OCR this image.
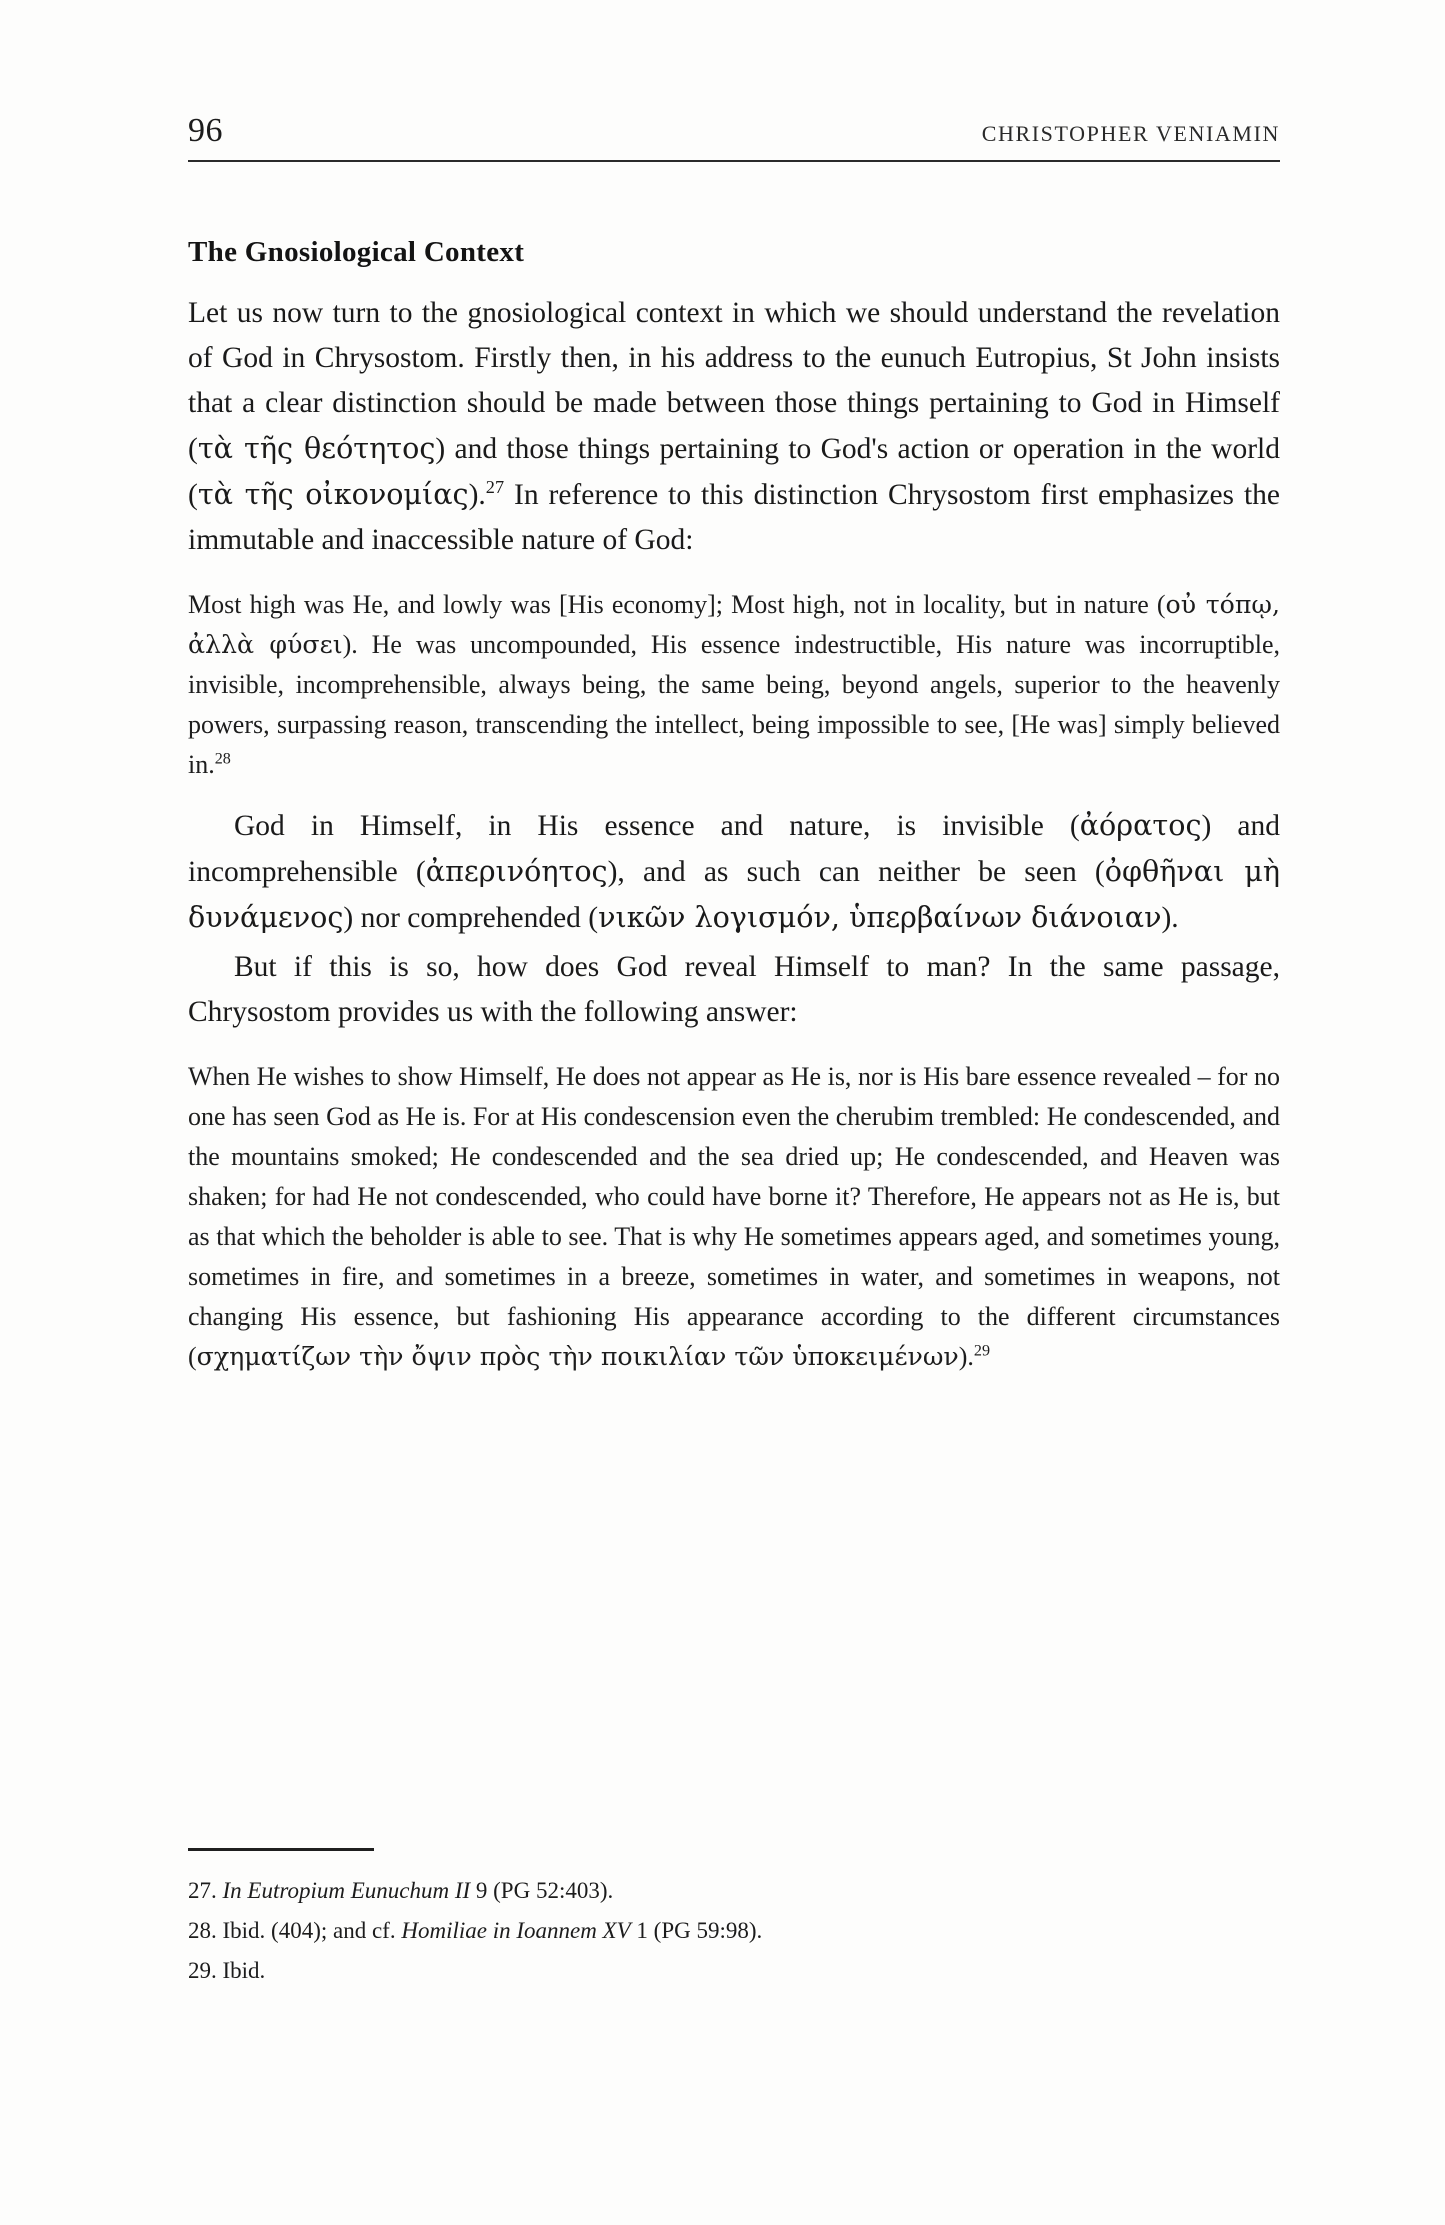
96	CHRISTOPHER VENIAMIN
The Gnosiological Context

Let us now turn to the gnosiological context in which we should understand the revelation of God in Chrysostom. Firstly then, in his address to the eunuch Eutropius, St John insists that a clear distinction should be made between those things pertaining to God in Himself (τὰ τῆς θεότητος) and those things pertaining to God's action or operation in the world (τὰ τῆς οἰκονομίας).$^{27}$ In reference to this distinction Chrysostom first emphasizes the immutable and inaccessible nature of God:

Most high was He, and lowly was [His economy]; Most high, not in locality, but in nature (οὐ τόπῳ, ἀλλὰ φύσει). He was uncompounded, His essence indestructible, His nature was incorruptible, invisible, incomprehensible, always being, the same being, beyond angels, superior to the heavenly powers, surpassing reason, transcending the intellect, being impossible to see, [He was] simply believed in.$^{28}$

God in Himself, in His essence and nature, is invisible (ἀόρατος) and incomprehensible (ἀπερινόητος), and as such can neither be seen (ὀφθῆναι μὴ δυνάμενος) nor comprehended (νικῶν λογισμόν, ὑπερβαίνων διάνοιαν).

But if this is so, how does God reveal Himself to man? In the same passage, Chrysostom provides us with the following answer:

When He wishes to show Himself, He does not appear as He is, nor is His bare essence revealed – for no one has seen God as He is. For at His condescension even the cherubim trembled: He condescended, and the mountains smoked; He condescended and the sea dried up; He condescended, and Heaven was shaken; for had He not condescended, who could have borne it? Therefore, He appears not as He is, but as that which the beholder is able to see. That is why He sometimes appears aged, and sometimes young, sometimes in fire, and sometimes in a breeze, sometimes in water, and sometimes in weapons, not changing His essence, but fashioning His appearance according to the different circumstances (σχηματίζων τὴν ὄψιν πρὸς τὴν ποικιλίαν τῶν ὑποκειμένων).$^{29}$

27. In Eutropium Eunuchum II 9 (PG 52:403).

28. Ibid. (404); and cf. Homiliae in Ioannem XV 1 (PG 59:98).

29. Ibid.
